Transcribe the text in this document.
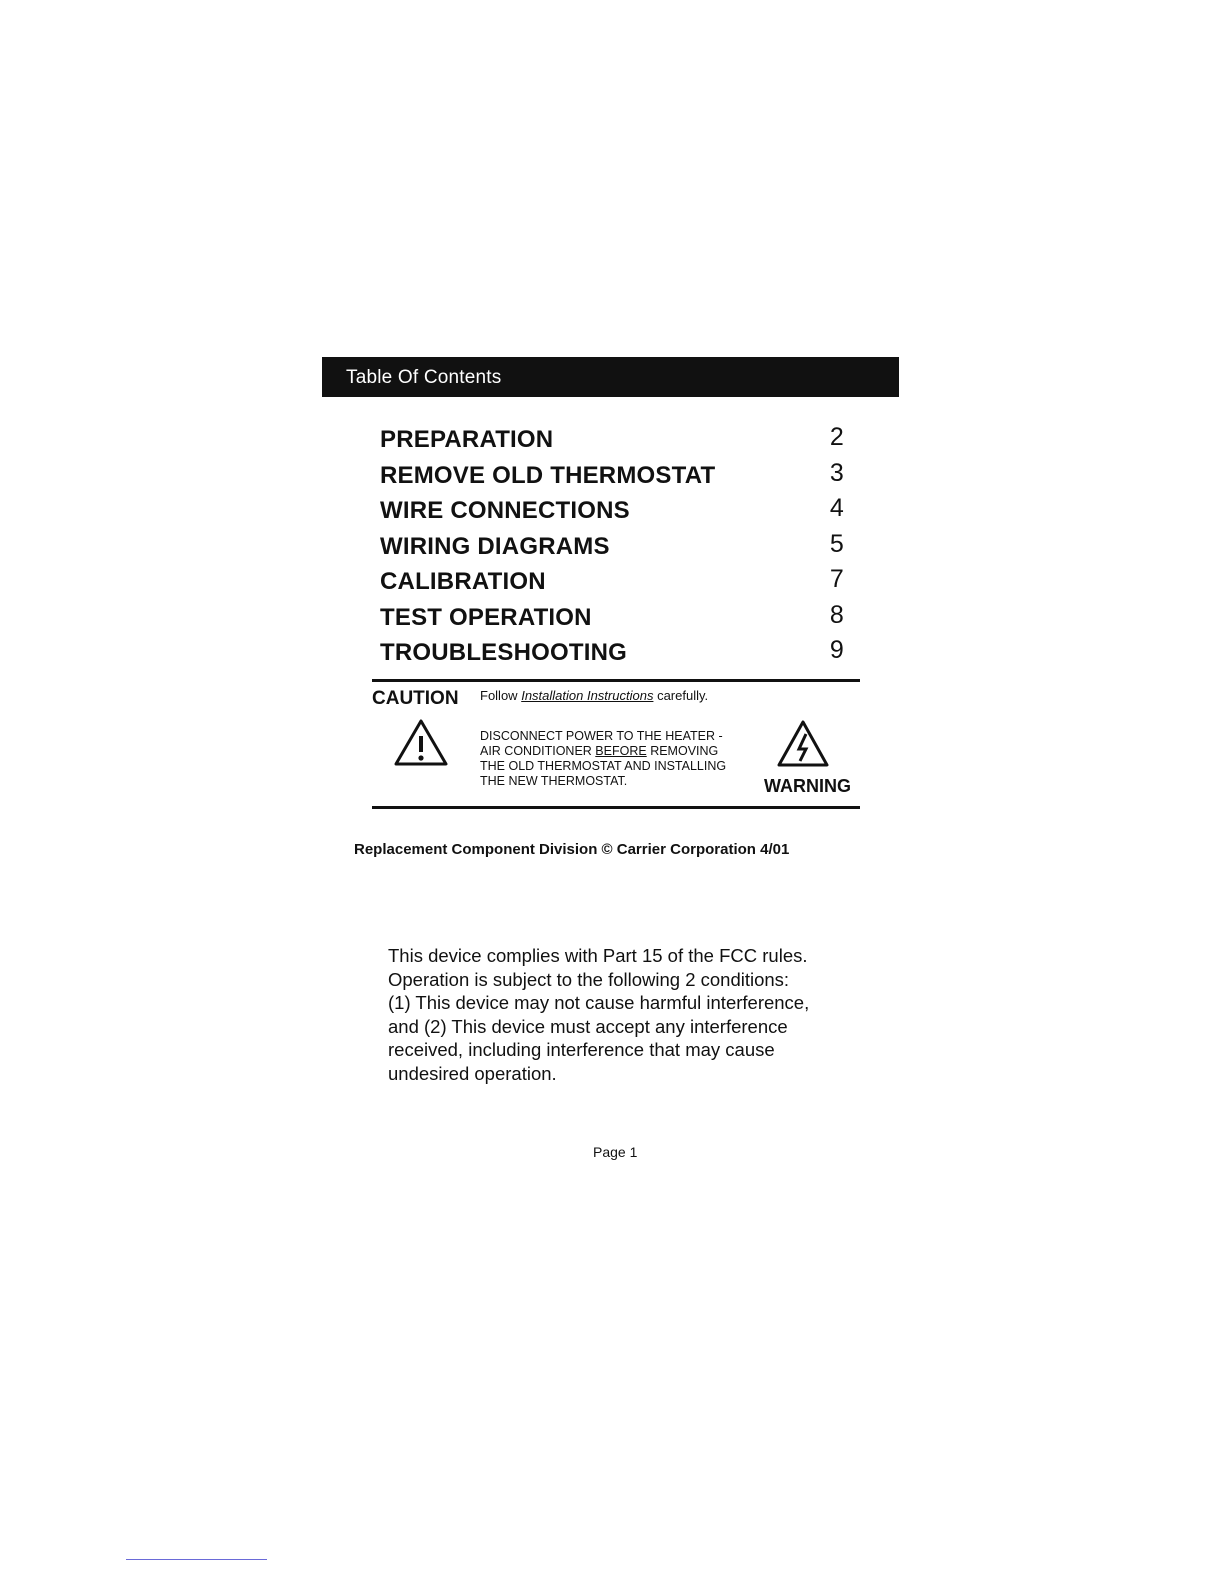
Table Of Contents
PREPARATION	2
REMOVE OLD THERMOSTAT	3
WIRE CONNECTIONS	4
WIRING DIAGRAMS	5
CALIBRATION	7
TEST OPERATION	8
TROUBLESHOOTING	9
CAUTION Follow Installation Instructions carefully.
DISCONNECT POWER TO THE HEATER -
AIR CONDITIONER BEFORE REMOVING
THE OLD THERMOSTAT AND INSTALLING
THE NEW THERMOSTAT.	WARNING
Replacement Component Division © Carrier Corporation 4/01
This device complies with Part 15 of the FCC rules.
Operation is subject to the following 2 conditions:
(1) This device may not cause harmful interference,
and (2) This device must accept any interference
received, including interference that may cause
undesired operation.
Page 1
